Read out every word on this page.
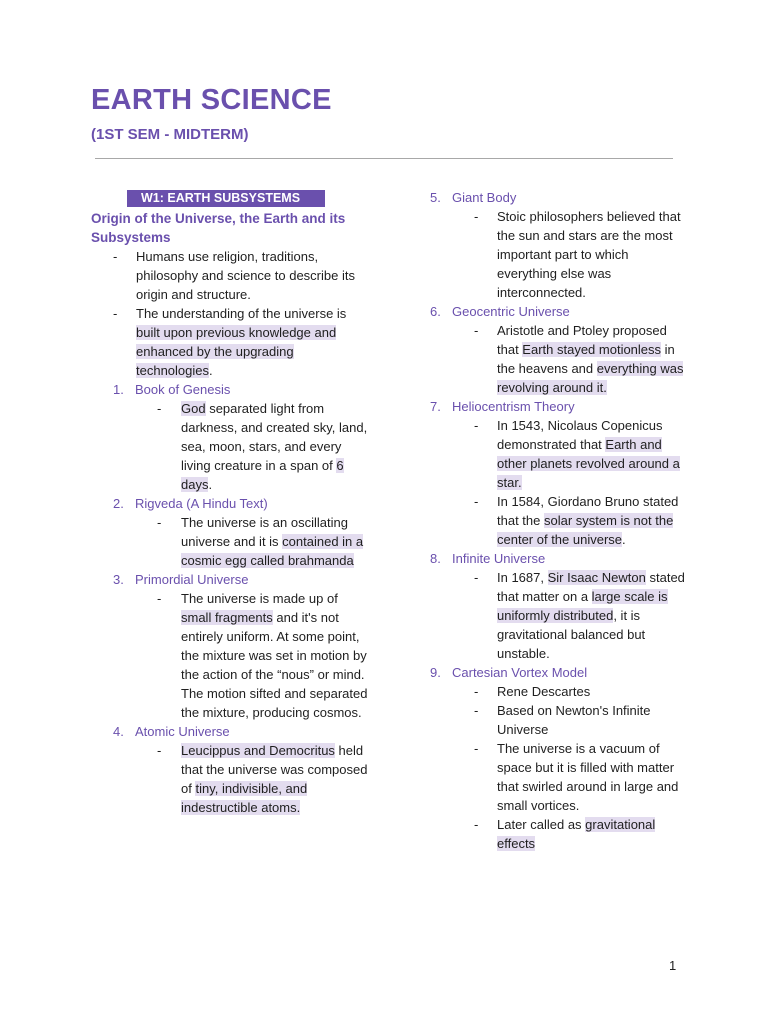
EARTH SCIENCE
(1ST SEM - MIDTERM)
W1: EARTH SUBSYSTEMS
Origin of the Universe, the Earth and its Subsystems
-	Humans use religion, traditions, philosophy and science to describe its origin and structure.
-	The understanding of the universe is built upon previous knowledge and enhanced by the upgrading technologies.
1. Book of Genesis
-	God separated light from darkness, and created sky, land, sea, moon, stars, and every living creature in a span of 6 days.
2. Rigveda (A Hindu Text)
-	The universe is an oscillating universe and it is contained in a cosmic egg called brahmanda
3. Primordial Universe
-	The universe is made up of small fragments and it's not entirely uniform. At some point, the mixture was set in motion by the action of the “nous” or mind. The motion sifted and separated the mixture, producing cosmos.
4. Atomic Universe
-	Leucippus and Democritus held that the universe was composed of tiny, indivisible, and indestructible atoms.
5. Giant Body
-	Stoic philosophers believed that the sun and stars are the most important part to which everything else was interconnected.
6. Geocentric Universe
-	Aristotle and Ptoley proposed that Earth stayed motionless in the heavens and everything was revolving around it.
7. Heliocentrism Theory
-	In 1543, Nicolaus Copenicus demonstrated that Earth and other planets revolved around a star.
-	In 1584, Giordano Bruno stated that the solar system is not the center of the universe.
8. Infinite Universe
-	In 1687, Sir Isaac Newton stated that matter on a large scale is uniformly distributed, it is gravitational balanced but unstable.
9. Cartesian Vortex Model
-	Rene Descartes
-	Based on Newton's Infinite Universe
-	The universe is a vacuum of space but it is filled with matter that swirled around in large and small vortices.
-	Later called as gravitational effects
1
